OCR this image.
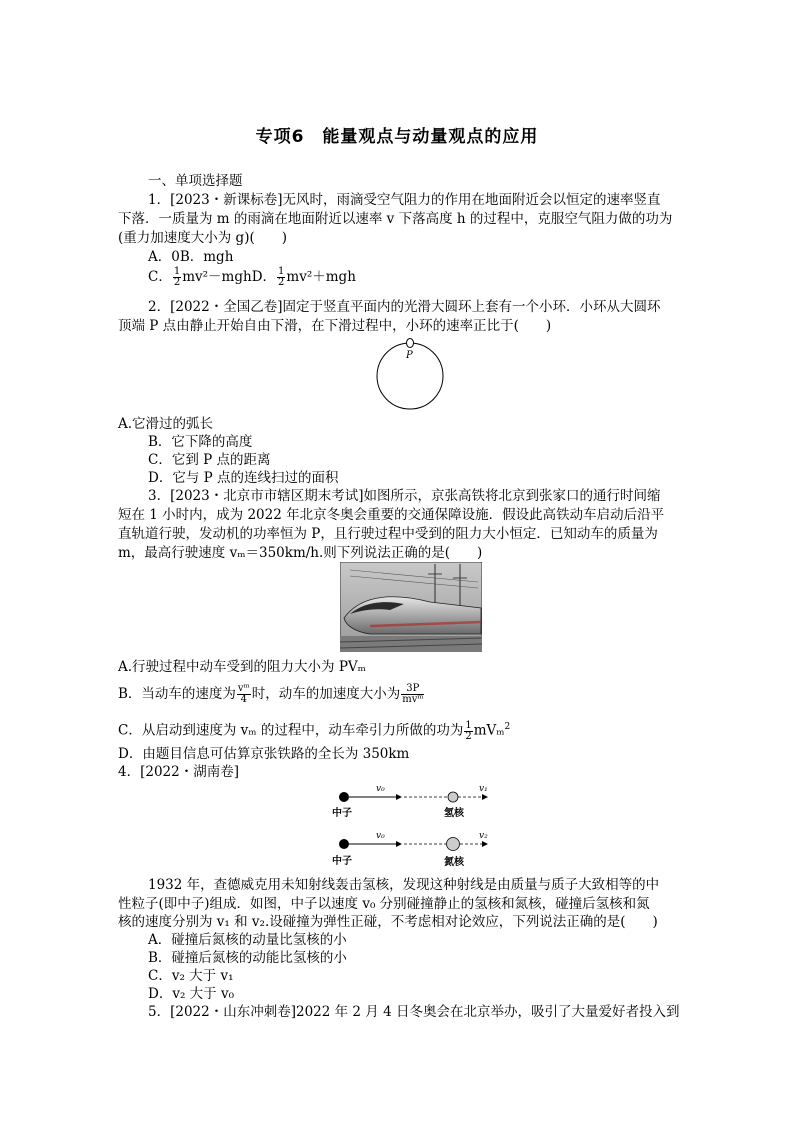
专项6　能量观点与动量观点的应用
一、单项选择题
1．[2023・新课标卷]无风时，雨滴受空气阻力的作用在地面附近会以恒定的速率竖直
下落．一质量为 m 的雨滴在地面附近以速率 v 下落高度 h 的过程中，克服空气阻力做的功为
(重力加速度大小为 g)(　　)
A．0B．mgh
C． $\frac{1}{2}$ mv²－mghD． $\frac{1}{2} mv^2+mgh$
2．[2022・全国乙卷]固定于竖直平面内的光滑大圆环上套有一个小环．小环从大圆环
顶端 P 点由静止开始自由下滑，在下滑过程中，小环的速率正比于(　　)
P
A.它滑过的弧长
B．它下降的高度
C．它到 P 点的距离
D．它与 P 点的连线扫过的面积
3．[2023・北京市市辖区期末考试]如图所示，京张高铁将北京到张家口的通行时间缩
短在 1 小时内，成为 2022 年北京冬奥会重要的交通保障设施．假设此高铁动车启动后沿平
直轨道行驶，发动机的功率恒为 P，且行驶过程中受到的阻力大小恒定．已知动车的质量为
m，最高行驶速度 vₘ＝350km/h.则下列说法正确的是(　　)
A.行驶过程中动车受到的阻力大小为 PVₘ
B．当动车的速度为 $\frac{\text{vᵐ}}{4}$ 时，动车的加速度大小为 $\frac{3P}{\text{mvᵐ}}$
C．从启动到速度为 vₘ 的过程中，动车牵引力所做的功为 $\frac{1}{2} mV_m^2$
D．由题目信息可估算京张铁路的全长为 350km
4．[2022・湖南卷]
v₀	v₁
中子	氢核
v₀	v₂
中子	氮核
1932 年，查德威克用未知射线轰击氢核，发现这种射线是由质量与质子大致相等的中
性粒子(即中子)组成．如图，中子以速度 v₀ 分别碰撞静止的氢核和氮核，碰撞后氢核和氮
核的速度分别为 v₁ 和 v₂.设碰撞为弹性正碰，不考虑相对论效应，下列说法正确的是(　　)
A．碰撞后氮核的动量比氢核的小
B．碰撞后氮核的动能比氢核的小
C．v₂ 大于 v₁
D．v₂ 大于 v₀
5．[2022・山东冲刺卷]2022 年 2 月 4 日冬奥会在北京举办，吸引了大量爱好者投入到
